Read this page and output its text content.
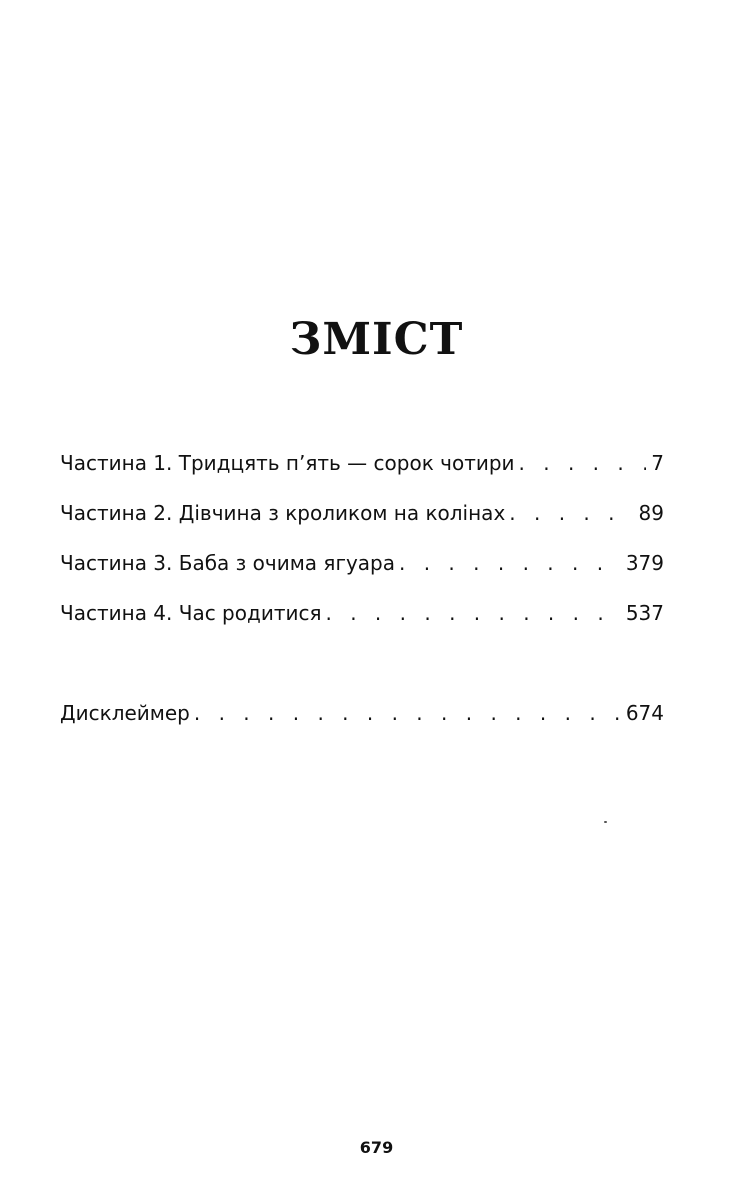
ЗМІСТ
Частина 1. Тридцять п’ять — сорок чотири . . .	7
Частина 2. Дівчина з кроликом на колінах . . .	89
Частина 3. Баба з очима ягуара . . .	379
Частина 4. Час родитися . . .	537
Дисклеймер . . .	674
679
